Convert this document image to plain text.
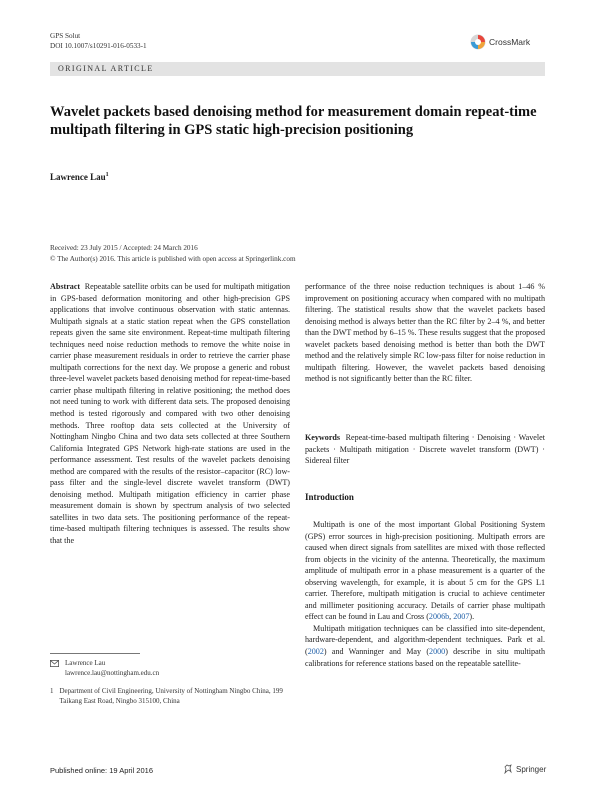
GPS Solut
DOI 10.1007/s10291-016-0533-1	CrossMark
ORIGINAL ARTICLE
Wavelet packets based denoising method for measurement domain repeat-time multipath filtering in GPS static high-precision positioning
Lawrence Lau$^1$
Received: 23 July 2015 / Accepted: 24 March 2016
© The Author(s) 2016. This article is published with open access at Springerlink.com
Abstract Repeatable satellite orbits can be used for multipath mitigation in GPS-based deformation monitoring and other high-precision GPS applications that involve continuous observation with static antennas. Multipath signals at a static station repeat when the GPS constellation repeats given the same site environment. Repeat-time multipath filtering techniques need noise reduction methods to remove the white noise in carrier phase measurement residuals in order to retrieve the carrier phase multipath corrections for the next day. We propose a generic and robust three-level wavelet packets based denoising method for repeat-time-based carrier phase multipath filtering in relative positioning; the method does not need tuning to work with different data sets. The proposed denoising method is tested rigorously and compared with two other denoising methods. Three rooftop data sets collected at the University of Nottingham Ningbo China and two data sets collected at three Southern California Integrated GPS Network high-rate stations are used in the performance assessment. Test results of the wavelet packets denoising method are compared with the results of the resistor–capacitor (RC) low-pass filter and the single-level discrete wavelet transform (DWT) denoising method. Multipath mitigation efficiency in carrier phase measurement domain is shown by spectrum analysis of two selected satellites in two data sets. The positioning performance of the repeat-time-based multipath filtering techniques is assessed. The results show that the
performance of the three noise reduction techniques is about 1–46 % improvement on positioning accuracy when compared with no multipath filtering. The statistical results show that the wavelet packets based denoising method is always better than the RC filter by 2–4 %, and better than the DWT method by 6–15 %. These results suggest that the proposed wavelet packets based denoising method is better than both the DWT method and the relatively simple RC low-pass filter for noise reduction in multipath filtering. However, the wavelet packets based denoising method is not significantly better than the RC filter.
Keywords Repeat-time-based multipath filtering · Denoising · Wavelet packets · Multipath mitigation · Discrete wavelet transform (DWT) · Sidereal filter
Introduction

Multipath is one of the most important Global Positioning System (GPS) error sources in high-precision positioning. Multipath errors are caused when direct signals from satellites are mixed with those reflected from objects in the vicinity of the antenna. Theoretically, the maximum amplitude of multipath error in a phase measurement is a quarter of the observing wavelength, for example, it is about 5 cm for the GPS L1 carrier. Therefore, multipath mitigation is crucial to achieve centimeter and millimeter positioning accuracy. Details of carrier phase multipath effect can be found in Lau and Cross (2006b, 2007).

Multipath mitigation techniques can be classified into site-dependent, hardware-dependent, and algorithm-dependent techniques. Park et al. (2002) and Wanninger and May (2000) describe in situ multipath calibrations for reference stations based on the repeatable satellite-

Lawrence Lau
lawrence.lau@nottingham.edu.cn
1 Department of Civil Engineering, University of Nottingham Ningbo China, 199 Taikang East Road, Ningbo 315100, China
Published online: 19 April 2016	Springer
